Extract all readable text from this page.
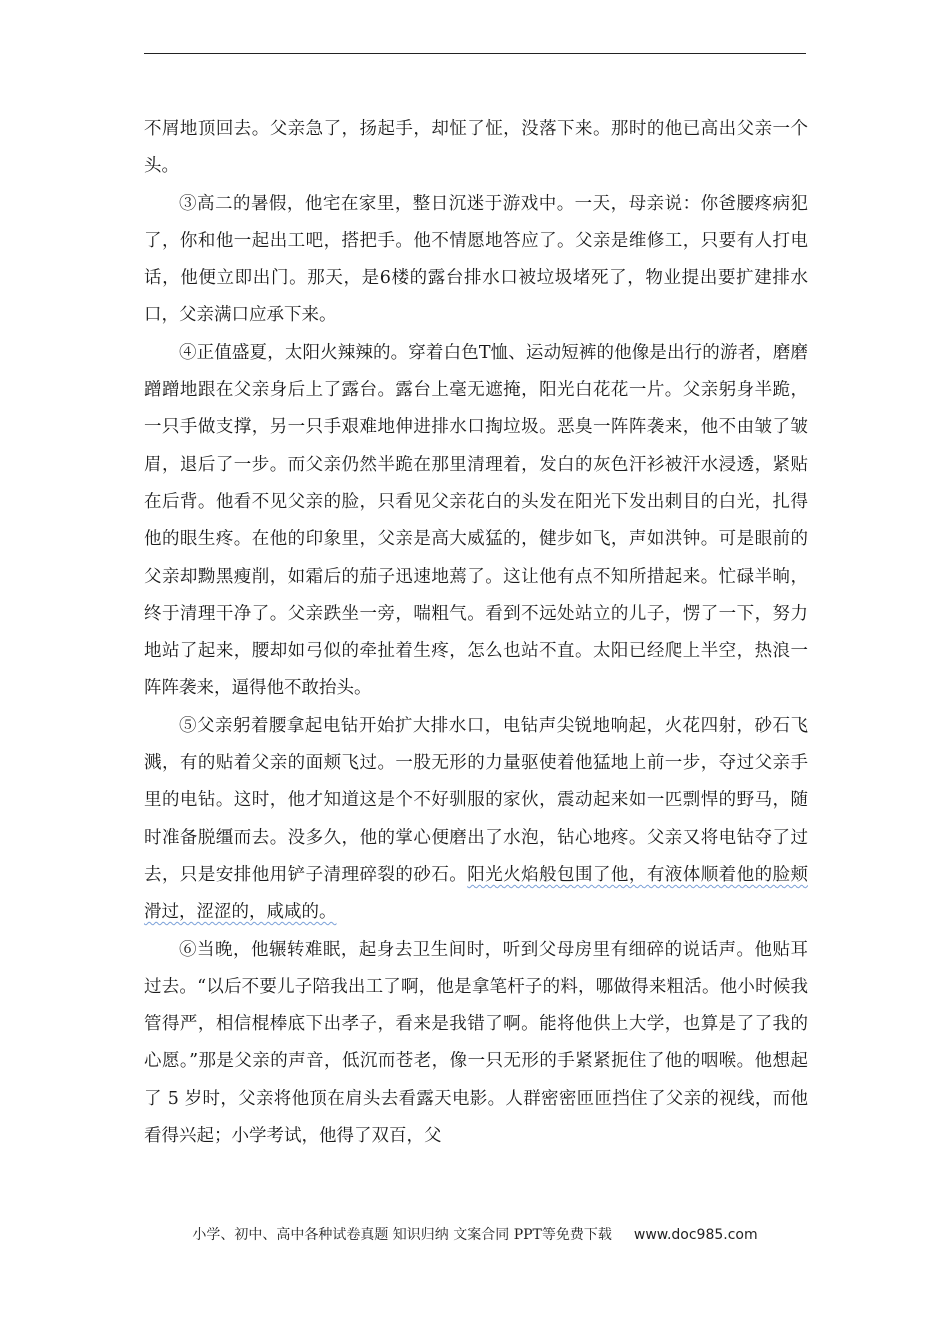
不屑地顶回去。父亲急了，扬起手，却怔了怔，没落下来。那时的他已高出父亲一个头。

③高二的暑假，他宅在家里，整日沉迷于游戏中。一天，母亲说：你爸腰疼病犯了，你和他一起出工吧，搭把手。他不情愿地答应了。父亲是维修工，只要有人打电话，他便立即出门。那天，是6楼的露台排水口被垃圾堵死了，物业提出要扩建排水口，父亲满口应承下来。

④正值盛夏，太阳火辣辣的。穿着白色T恤、运动短裤的他像是出行的游者，磨磨蹭蹭地跟在父亲身后上了露台。露台上毫无遮掩，阳光白花花一片。父亲躬身半跪，一只手做支撑，另一只手艰难地伸进排水口掏垃圾。恶臭一阵阵袭来，他不由皱了皱眉，退后了一步。而父亲仍然半跪在那里清理着，发白的灰色汗衫被汗水浸透，紧贴在后背。他看不见父亲的脸，只看见父亲花白的头发在阳光下发出刺目的白光，扎得他的眼生疼。在他的印象里，父亲是高大威猛的，健步如飞，声如洪钟。可是眼前的父亲却黝黑瘦削，如霜后的茄子迅速地蔫了。这让他有点不知所措起来。忙碌半晌，终于清理干净了。父亲跌坐一旁，喘粗气。看到不远处站立的儿子，愣了一下，努力地站了起来，腰却如弓似的牵扯着生疼，怎么也站不直。太阳已经爬上半空，热浪一阵阵袭来，逼得他不敢抬头。

⑤父亲躬着腰拿起电钻开始扩大排水口，电钻声尖锐地响起，火花四射，砂石飞溅，有的贴着父亲的面颊飞过。一股无形的力量驱使着他猛地上前一步，夺过父亲手里的电钻。这时，他才知道这是个不好驯服的家伙，震动起来如一匹剽悍的野马，随时准备脱缰而去。没多久，他的掌心便磨出了水泡，钻心地疼。父亲又将电钻夺了过去，只是安排他用铲子清理碎裂的砂石。阳光火焰般包围了他，有液体顺着他的脸颊滑过，涩涩的，咸咸的。

⑥当晚，他辗转难眠，起身去卫生间时，听到父母房里有细碎的说话声。他贴耳过去。“以后不要儿子陪我出工了啊，他是拿笔杆子的料，哪做得来粗活。他小时候我管得严，相信棍棒底下出孝子，看来是我错了啊。能将他供上大学，也算是了了我的心愿。”那是父亲的声音，低沉而苍老，像一只无形的手紧紧扼住了他的咽喉。他想起了 5 岁时，父亲将他顶在肩头去看露天电影。人群密密匝匝挡住了父亲的视线，而他看得兴起；小学考试，他得了双百，父

小学、初中、高中各种试卷真题 知识归纳 文案合同 PPT等免费下载 www.doc985.com
